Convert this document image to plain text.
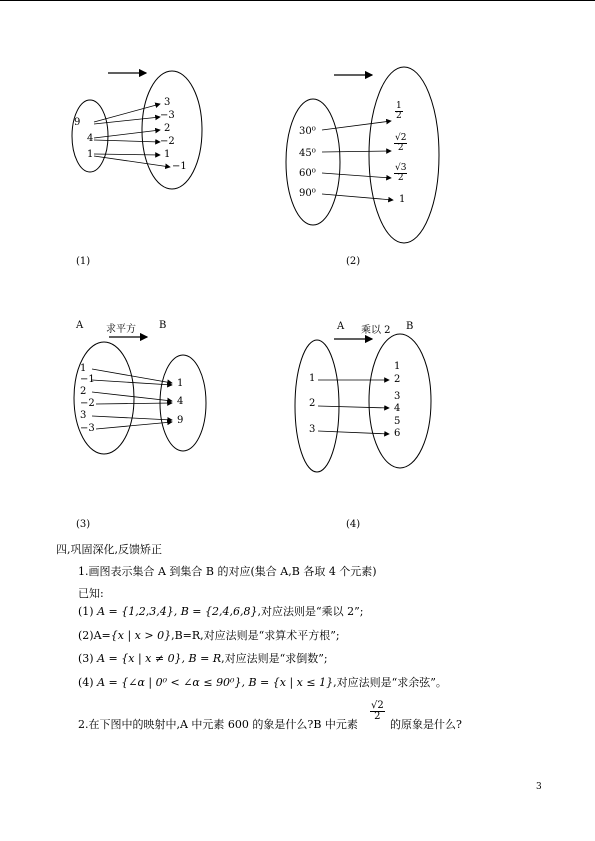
9
4
1
3
−3
2
−2
1
−1
(1)
30⁰
45⁰
60⁰
90⁰
$\frac{1}{2}$
$\frac{√2}{2}$
$\frac{√3}{2}$
1
(2)
A 求平方 B
1
−1
2
−2
3
−3
1
4
9
(3)
A 乘以 2 B
1
2
3
1
2
3
4
5
6
(4)
四,巩固深化,反馈矫正
1.画图表示集合 A 到集合 B 的对应(集合 A,B 各取 4 个元素)
已知:
(1) A = {1,2,3,4}, B = {2,4,6,8},对应法则是“乘以 2”;
(2)A={x | x > 0},B=R,对应法则是“求算术平方根”;
(3) A = {x | x ≠ 0}, B = R,对应法则是“求倒数”;
(4) A = {∠α | 0⁰ < ∠α ≤ 90⁰}, B = {x | x ≤ 1},对应法则是“求余弦”。
2.在下图中的映射中,A 中元素 600 的象是什么?B 中元素
$\frac{√2}{2}$
的原象是什么?
3
